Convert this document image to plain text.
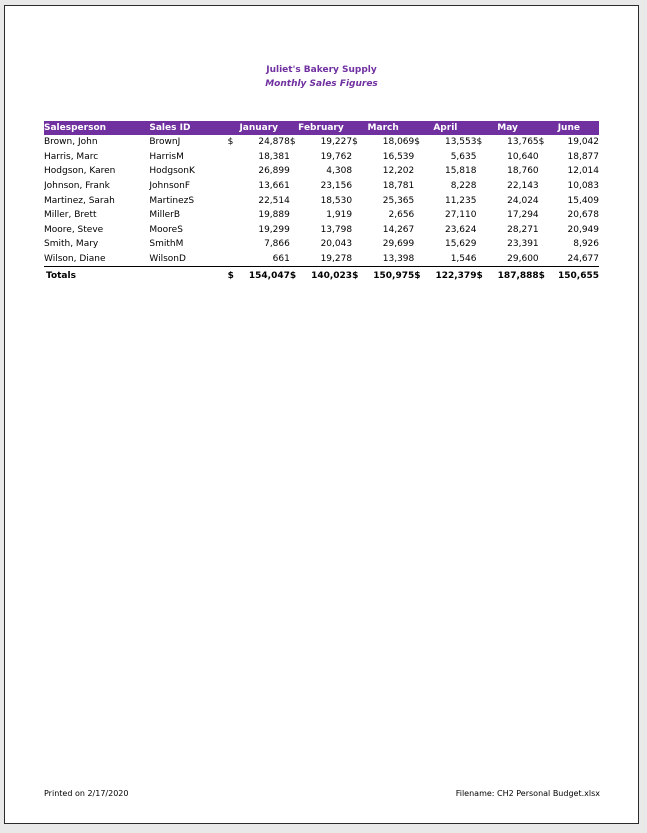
Juliet's Bakery Supply
Monthly Sales Figures
Salesperson	Sales ID	January		February		March		April		May		June	
Brown, John	BrownJ	$	24,878	$	19,227	$	18,069	$	13,553	$	13,765	$	19,042
Harris, Marc	HarrisM		18,381		19,762		16,539		5,635		10,640		18,877
Hodgson, Karen	HodgsonK		26,899		4,308		12,202		15,818		18,760		12,014
Johnson, Frank	JohnsonF		13,661		23,156		18,781		8,228		22,143		10,083
Martinez, Sarah	MartinezS		22,514		18,530		25,365		11,235		24,024		15,409
Miller, Brett	MillerB		19,889		1,919		2,656		27,110		17,294		20,678
Moore, Steve	MooreS		19,299		13,798		14,267		23,624		28,271		20,949
Smith, Mary	SmithM		7,866		20,043		29,699		15,629		23,391		8,926
Wilson, Diane	WilsonD		661		19,278		13,398		1,546		29,600		24,677
Totals		$	154,047	$	140,023	$	150,975	$	122,379	$	187,888	$	150,655
Printed on 2/17/2020	Filename: CH2 Personal Budget.xlsx
